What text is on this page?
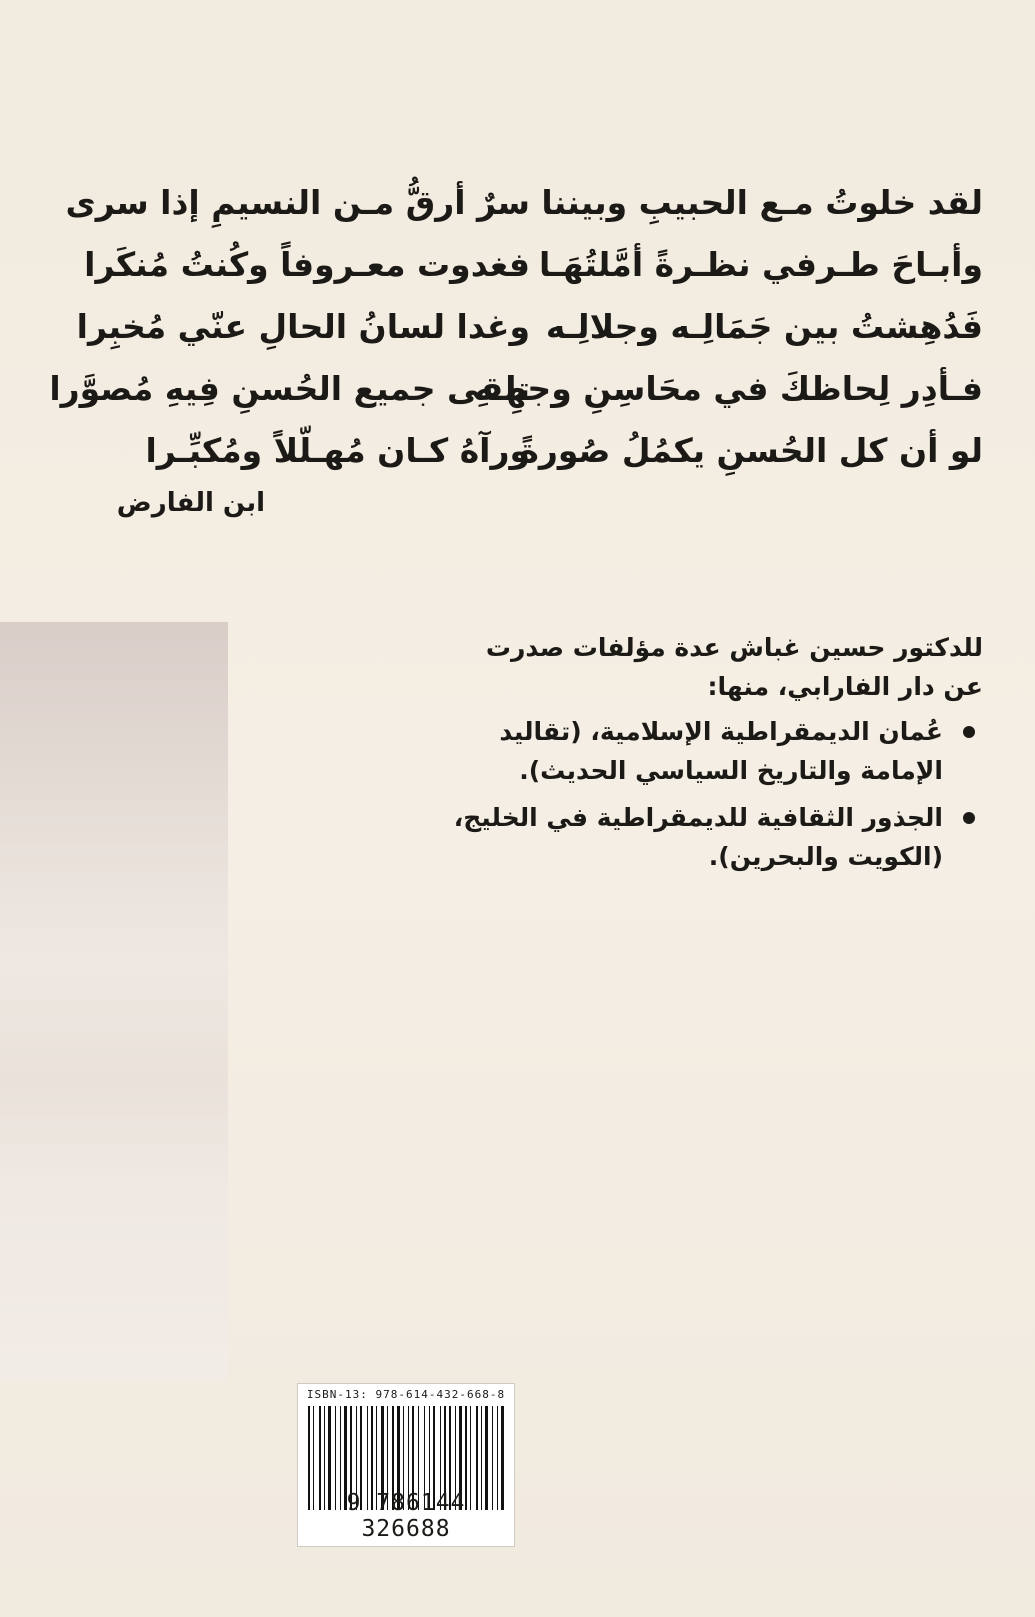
لقد خلوتُ مـع الحبيبِ وبيننا
وأبـاحَ طـرفي نظـرةً أمَّلتُهَـا
فَدُهِشتُ بين جَمَالِـه وجلالِـه
فـأدِر لِحاظكَ في محَاسِنِ وجهِـهِ
لو أن كل الحُسنِ يكمُلُ صُورةً
سرٌ أرقُّ مـن النسيمِ إذا سرى
فغدوت معـروفاً وكُنتُ مُنكَرا
وغدا لسانُ الحالِ عنّي مُخبِرا
تلقى جميع الحُسنِ فِيهِ مُصوَّرا
ورآهُ كـان مُهـلّلاً ومُكبِّـرا
ابن الفارض

للدكتور حسين غباش عدة مؤلفات صدرت عن دار الفارابي، منها:

عُمان الديمقراطية الإسلامية، (تقاليد الإمامة والتاريخ السياسي الحديث).
الجذور الثقافية للديمقراطية في الخليج، (الكويت والبحرين).
ISBN-13: 978-614-432-668-8
9 786144 326688
